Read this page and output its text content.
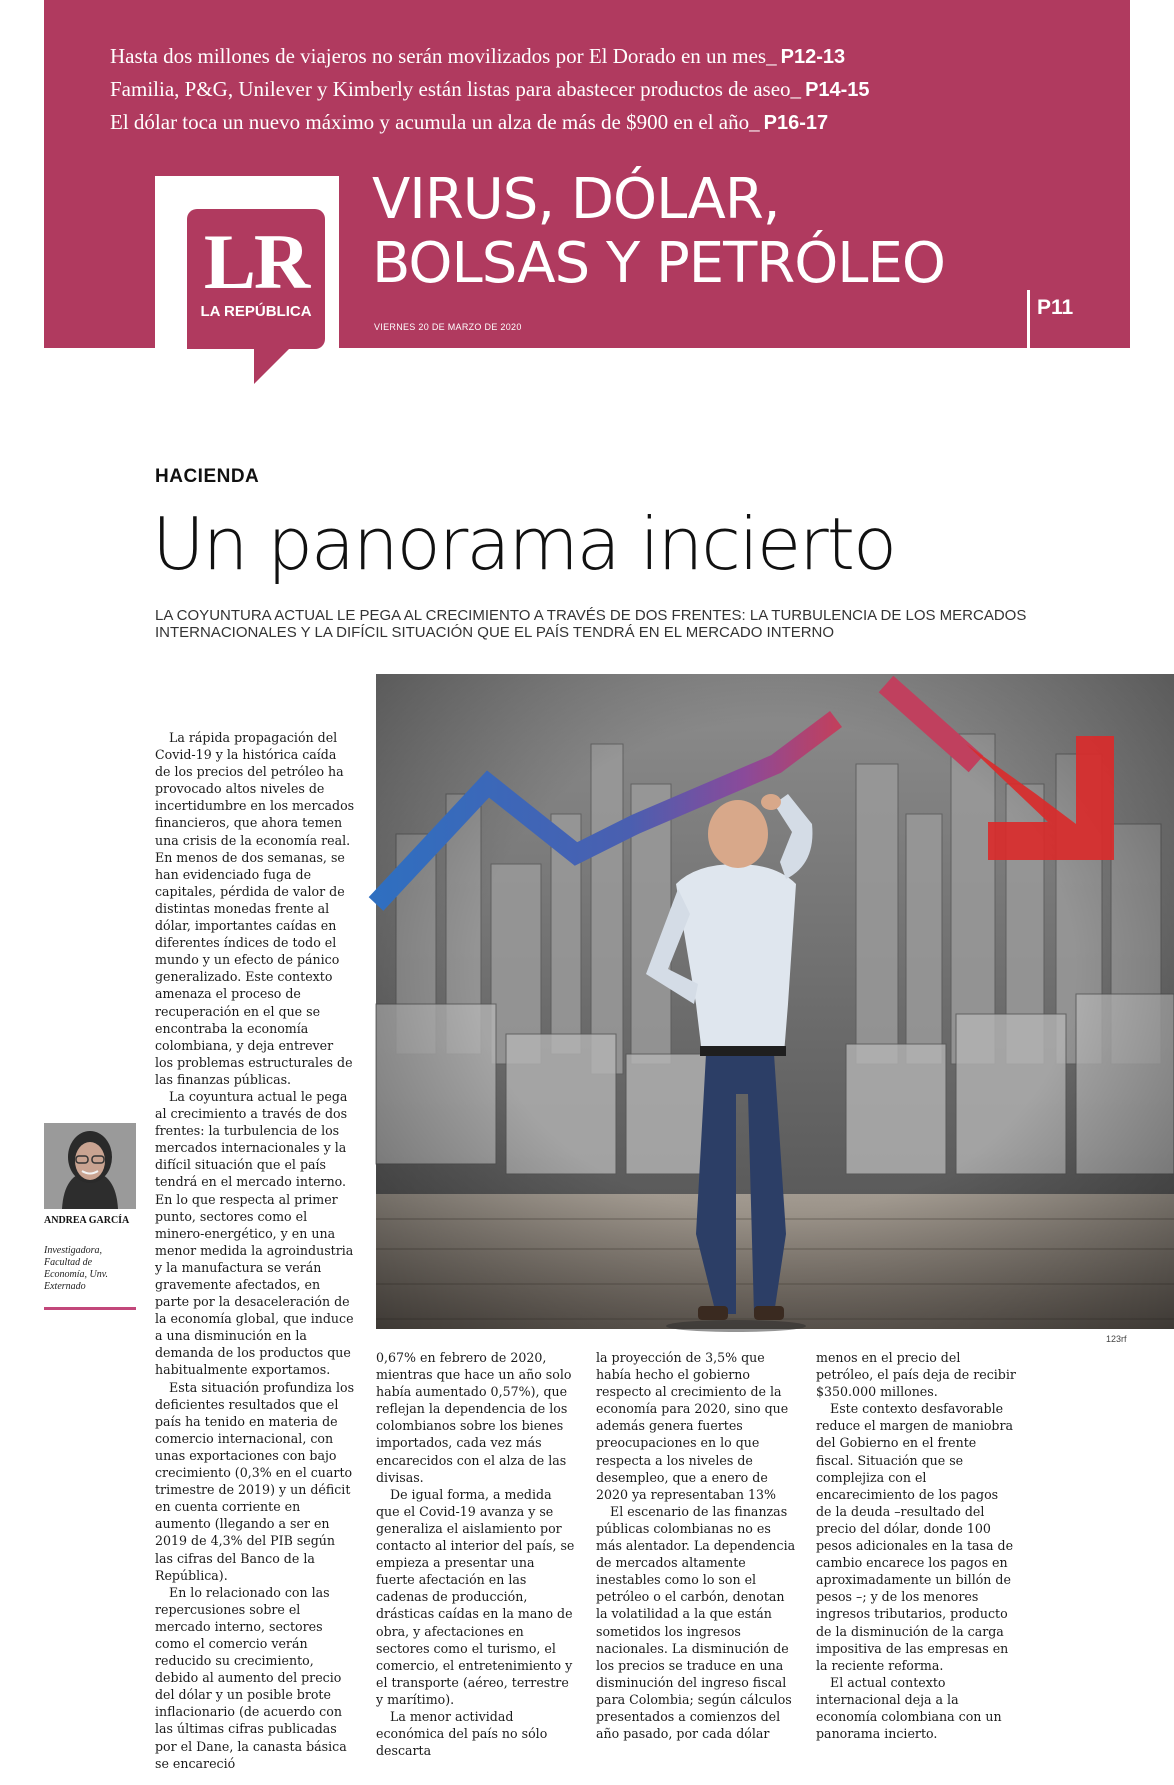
Hasta dos millones de viajeros no serán movilizados por El Dorado en un mes_ P12-13
Familia, P&G, Unilever y Kimberly están listas para abastecer productos de aseo_ P14-15
El dólar toca un nuevo máximo y acumula un alza de más de $900 en el año_ P16-17
LR
LA REPÚBLICA
VIRUS, DÓLAR,
BOLSAS Y PETRÓLEO
VIERNES 20 DE MARZO DE 2020
P11
HACIENDA
Un panorama incierto
LA COYUNTURA ACTUAL LE PEGA AL CRECIMIENTO A TRAVÉS DE DOS FRENTES: LA TURBULENCIA DE LOS MERCADOS INTERNACIONALES Y LA DIFÍCIL SITUACIÓN QUE EL PAÍS TENDRÁ EN EL MERCADO INTERNO
123rf
ANDREA GARCÍA
Investigadora, Facultad de Economía, Unv. Externado

La rápida propagación del Covid-19 y la histórica caída de los precios del petróleo ha provocado altos niveles de incertidumbre en los mercados financieros, que ahora temen una crisis de la economía real. En menos de dos semanas, se han evidenciado fuga de capitales, pérdida de valor de distintas monedas frente al dólar, importantes caídas en diferentes índices de todo el mundo y un efecto de pánico generalizado. Este contexto amenaza el proceso de recuperación en el que se encontraba la economía colombiana, y deja entrever los problemas estructurales de las finanzas públicas.

La coyuntura actual le pega al crecimiento a través de dos frentes: la turbulencia de los mercados internacionales y la difícil situación que el país tendrá en el mercado interno. En lo que respecta al primer punto, sectores como el minero-energético, y en una menor medida la agroindustria y la manufactura se verán gravemente afectados, en parte por la desaceleración de la economía global, que induce a una disminución en la demanda de los productos que habitualmente exportamos.

Esta situación profundiza los deficientes resultados que el país ha tenido en materia de comercio internacional, con unas exportaciones con bajo crecimiento (0,3% en el cuarto trimestre de 2019) y un déficit en cuenta corriente en aumento (llegando a ser en 2019 de 4,3% del PIB según las cifras del Banco de la República).

En lo relacionado con las repercusiones sobre el mercado interno, sectores como el comercio verán reducido su crecimiento, debido al aumento del precio del dólar y un posible brote inflacionario (de acuerdo con las últimas cifras publicadas por el Dane, la canasta básica se encareció

0,67% en febrero de 2020, mientras que hace un año solo había aumentado 0,57%), que reflejan la dependencia de los colombianos sobre los bienes importados, cada vez más encarecidos con el alza de las divisas.

De igual forma, a medida que el Covid-19 avanza y se generaliza el aislamiento por contacto al interior del país, se empieza a presentar una fuerte afectación en las cadenas de producción, drásticas caídas en la mano de obra, y afectaciones en sectores como el turismo, el comercio, el entretenimiento y el transporte (aéreo, terrestre y marítimo).

La menor actividad económica del país no sólo descarta

la proyección de 3,5% que había hecho el gobierno respecto al crecimiento de la economía para 2020, sino que además genera fuertes preocupaciones en lo que respecta a los niveles de desempleo, que a enero de 2020 ya representaban 13%

El escenario de las finanzas públicas colombianas no es más alentador. La dependencia de mercados altamente inestables como lo son el petróleo o el carbón, denotan la volatilidad a la que están sometidos los ingresos nacionales. La disminución de los precios se traduce en una disminución del ingreso fiscal para Colombia; según cálculos presentados a comienzos del año pasado, por cada dólar

menos en el precio del petróleo, el país deja de recibir $350.000 millones.

Este contexto desfavorable reduce el margen de maniobra del Gobierno en el frente fiscal. Situación que se complejiza con el encarecimiento de los pagos de la deuda –resultado del precio del dólar, donde 100 pesos adicionales en la tasa de cambio encarece los pagos en aproximadamente un billón de pesos –; y de los menores ingresos tributarios, producto de la disminución de la carga impositiva de las empresas en la reciente reforma.

El actual contexto internacional deja a la economía colombiana con un panorama incierto.
